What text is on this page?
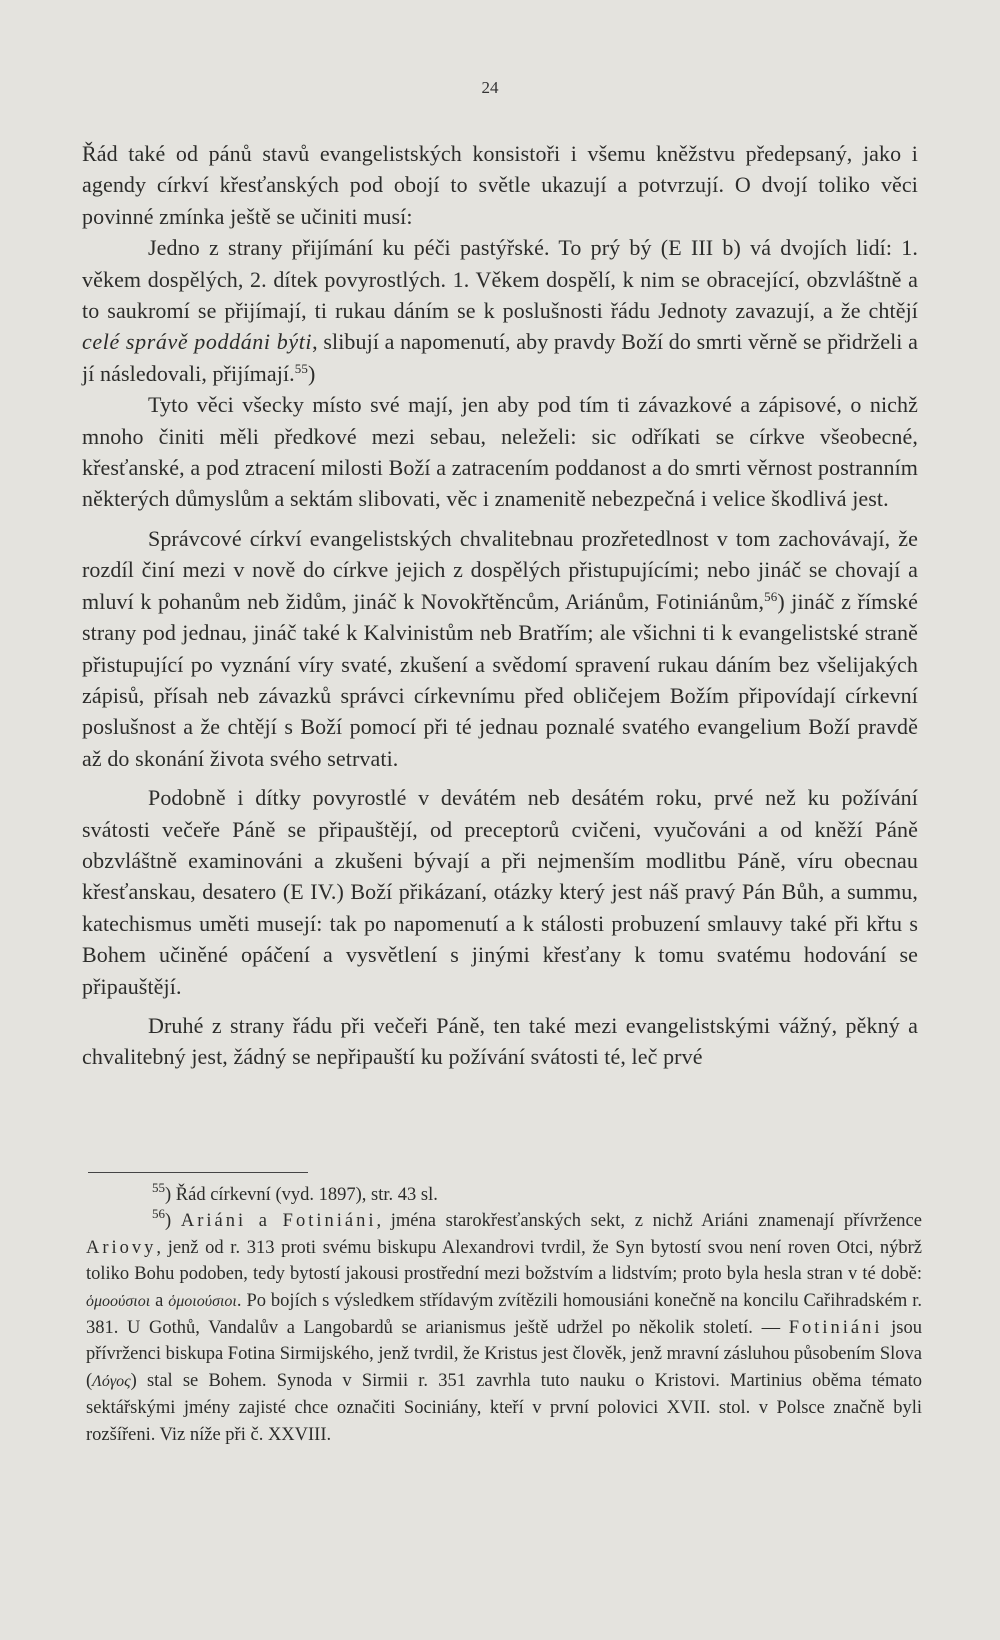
24

Řád také od pánů stavů evangelistských konsistoři i všemu kněžstvu předepsaný, jako i agendy církví křesťanských pod obojí to světle ukazují a potvrzují. O dvojí toliko věci povinné zmínka ještě se učiniti musí:

Jedno z strany přijímání ku péči pastýřské. To prý bý (E III b) vá dvojích lidí: 1. věkem dospělých, 2. dítek povyrostlých. 1. Věkem dospělí, k nim se obracející, obzvláštně a to saukromí se přijímají, ti rukau dáním se k poslušnosti řádu Jednoty zavazují, a že chtějí celé správě poddáni býti, slibují a napomenutí, aby pravdy Boží do smrti věrně se přidrželi a jí následovali, přijímají.$^{55}$)

Tyto věci všecky místo své mají, jen aby pod tím ti závazkové a zápisové, o nichž mnoho činiti měli předkové mezi sebau, neleželi: sic odříkati se církve všeobecné, křesťanské, a pod ztracení milosti Boží a zatracením poddanost a do smrti věrnost postranním některých důmyslům a sektám slibovati, věc i znamenitě nebezpečná i velice škodlivá jest.

Správcové církví evangelistských chvalitebnau prozřetedlnost v tom zachovávají, že rozdíl činí mezi v nově do církve jejich z dospělých přistupujícími; nebo jináč se chovají a mluví k pohanům neb židům, jináč k Novokřtěncům, Ariánům, Fotiniánům,$^{56}$) jináč z římské strany pod jednau, jináč také k Kalvinistům neb Bratřím; ale všichni ti k evangelistské straně přistupující po vyznání víry svaté, zkušení a svědomí spravení rukau dáním bez všelijakých zápisů, přísah neb závazků správci církevnímu před obličejem Božím připovídají církevní poslušnost a že chtějí s Boží pomocí při té jednau poznalé svatého evangelium Boží pravdě až do skonání života svého setrvati.

Podobně i dítky povyrostlé v devátém neb desátém roku, prvé než ku požívání svátosti večeře Páně se připauštějí, od preceptorů cvičeni, vyučováni a od kněží Páně obzvláštně examinováni a zkušeni bývají a při nejmenším modlitbu Páně, víru obecnau křesťanskau, desatero (E IV.) Boží přikázaní, otázky který jest náš pravý Pán Bůh, a summu, katechismus uměti musejí: tak po napomenutí a k stálosti probuzení smlauvy také při křtu s Bohem učiněné opáčení a vysvětlení s jinými křesťany k tomu svatému hodování se připauštějí.

Druhé z strany řádu při večeři Páně, ten také mezi evangelistskými vážný, pěkný a chvalitebný jest, žádný se nepřipauští ku požívání svátosti té, leč prvé

$^{55}$) Řád církevní (vyd. 1897), str. 43 sl.

$^{56}$) Ariáni a Fotiniáni, jména starokřesťanských sekt, z nichž Ariáni znamenají přívržence Ariovy, jenž od r. 313 proti svému biskupu Alexandrovi tvrdil, že Syn bytostí svou není roven Otci, nýbrž toliko Bohu podoben, tedy bytostí jakousi prostřední mezi božstvím a lidstvím; proto byla hesla stran v té době: ὁμοούσιοι a ὁμοιούσιοι. Po bojích s výsledkem střídavým zvítězili homousiáni konečně na koncilu Cařihradském r. 381. U Gothů, Vandalův a Langobardů se arianismus ještě udržel po několik století. — Fotiniáni jsou přívrženci biskupa Fotina Sirmijského, jenž tvrdil, že Kristus jest člověk, jenž mravní zásluhou působením Slova (Λόγος) stal se Bohem. Synoda v Sirmii r. 351 zavrhla tuto nauku o Kristovi. Martinius oběma témato sektářskými jmény zajisté chce označiti Sociniány, kteří v první polovici XVII. stol. v Polsce značně byli rozšířeni. Viz níže při č. XXVIII.
